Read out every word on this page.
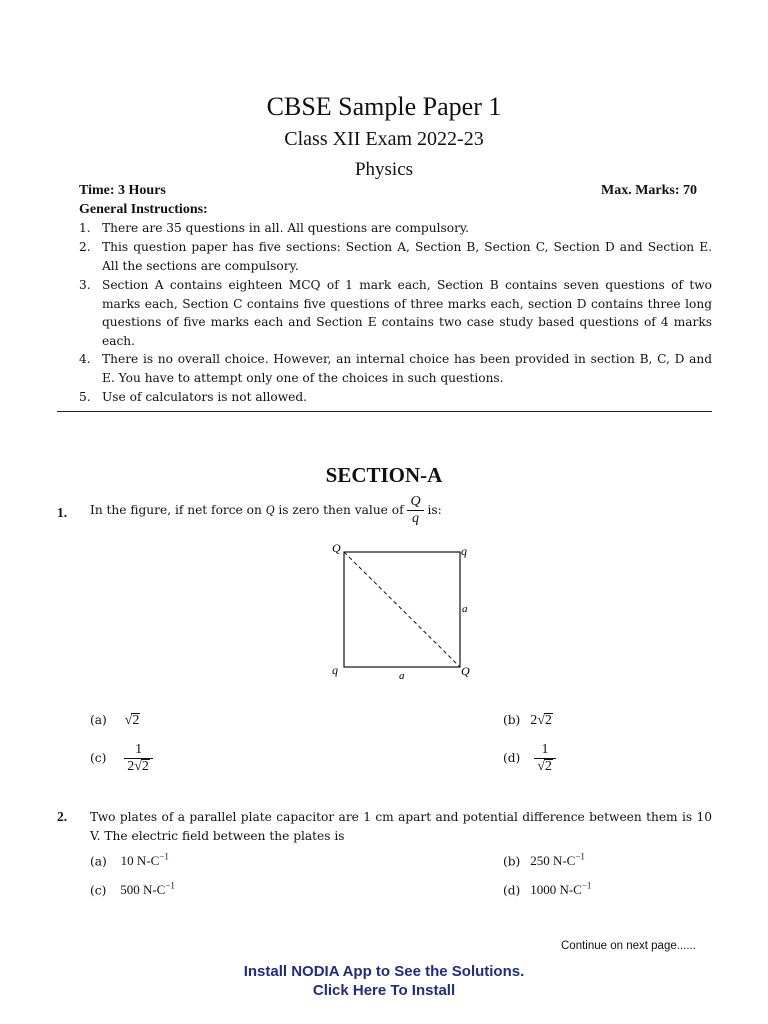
CBSE Sample Paper 1
Class XII Exam 2022-23
Physics
Time: 3 Hours	Max. Marks: 70
General Instructions:
1. There are 35 questions in all. All questions are compulsory.
2. This question paper has five sections: Section A, Section B, Section C, Section D and Section E. All the sections are compulsory.
3. Section A contains eighteen MCQ of 1 mark each, Section B contains seven questions of two marks each, Section C contains five questions of three marks each, section D contains three long questions of five marks each and Section E contains two case study based questions of 4 marks each.
4. There is no overall choice. However, an internal choice has been provided in section B, C, D and E. You have to attempt only one of the choices in such questions.
5. Use of calculators is not allowed.
SECTION-A
1. In the figure, if net force on Q is zero then value of $\frac{Q}{q}$ is:
Q	q
q	Q
a
a
(a) √2	(b) 2√2
$(c) \frac{1}{2√2}$	$(d) \frac{1}{√2}$
2. Two plates of a parallel plate capacitor are 1 cm apart and potential difference between them is 10 V. The electric field between the plates is
(a) 10 $N-C^{-1}$	(b) 250 $N-C^{-1}$
(c) 500 $N-C^{-1}$	(d) 1000 $N-C^{-1}$
Continue on next page......
Install NODIA App to See the Solutions.
Click Here To Install
